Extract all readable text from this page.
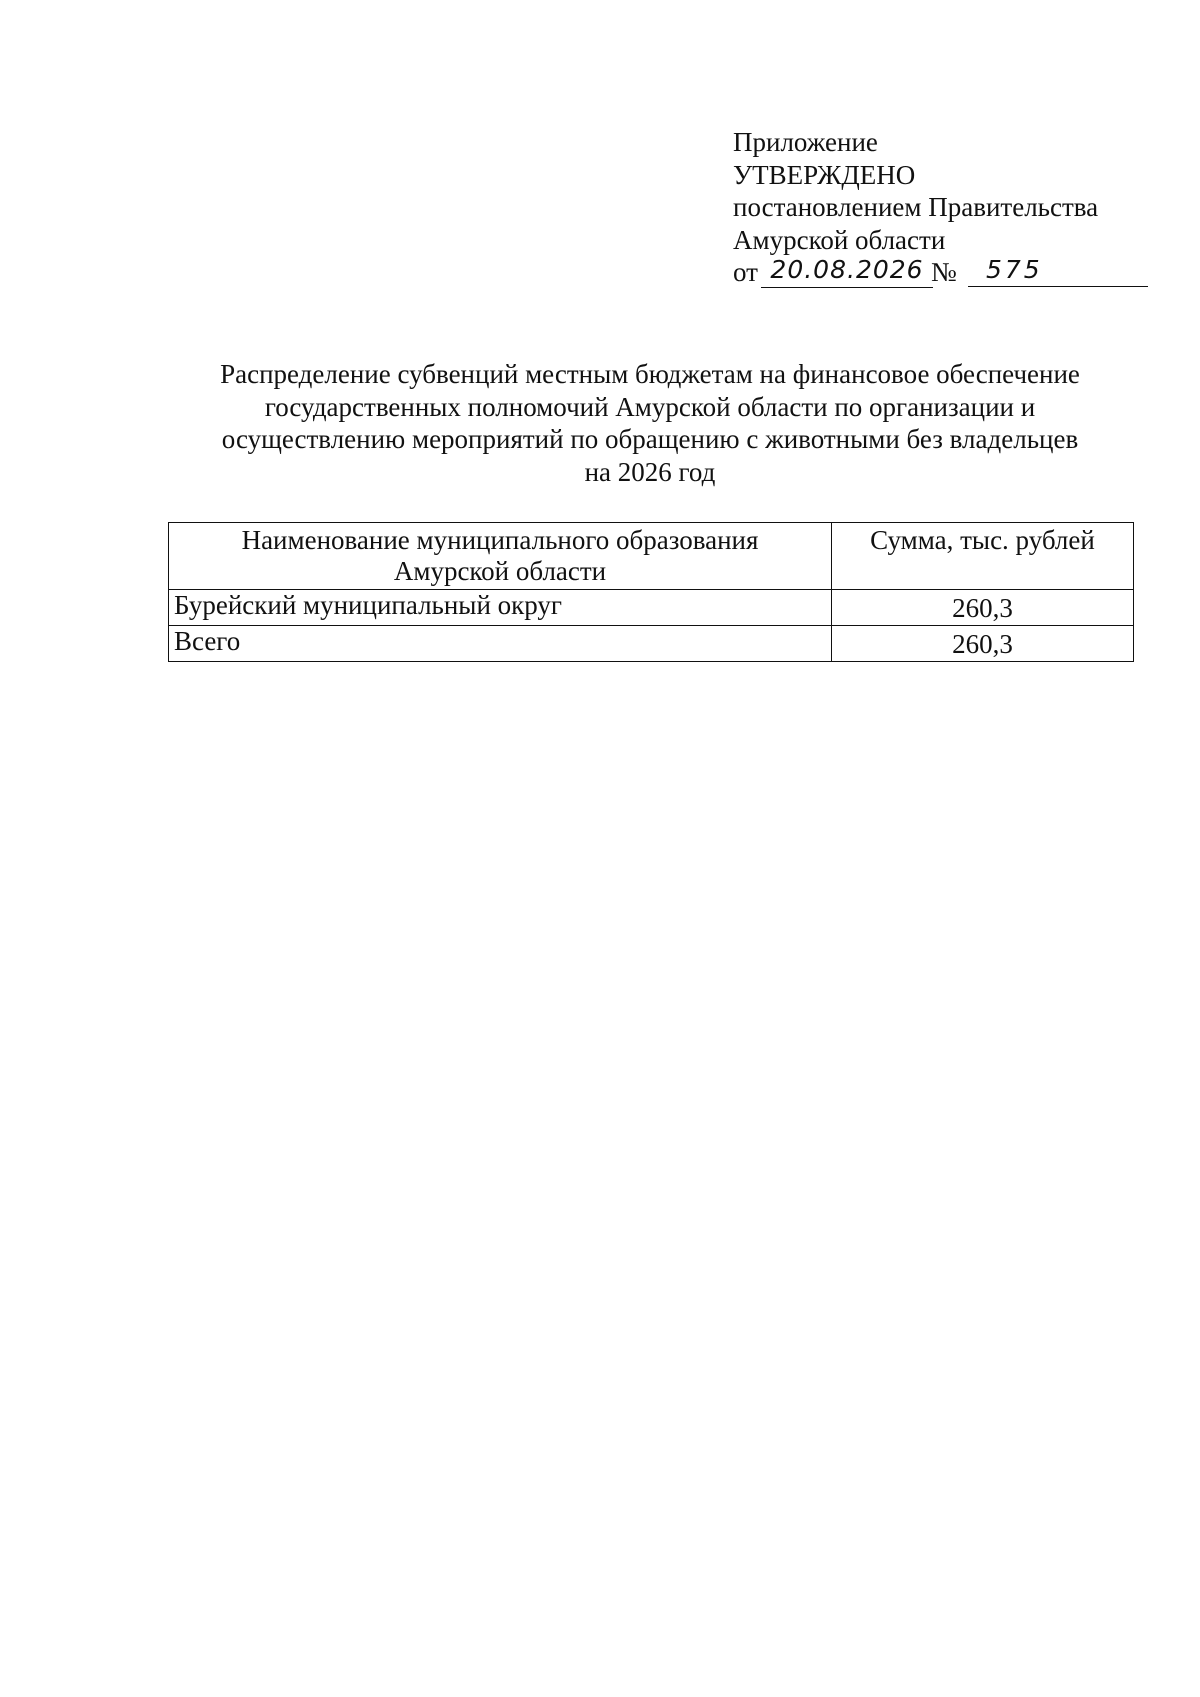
Приложение
УТВЕРЖДЕНО
постановлением Правительства
Амурской области
от 20.08.2026 №	575
Распределение субвенций местным бюджетам на финансовое обеспечение
государственных полномочий Амурской области по организации и
осуществлению мероприятий по обращению с животными без владельцев
на 2026 год
Наименование муниципального образования
Амурской области	Сумма, тыс. рублей
Бурейский муниципальный округ	260,3
Всего	260,3
